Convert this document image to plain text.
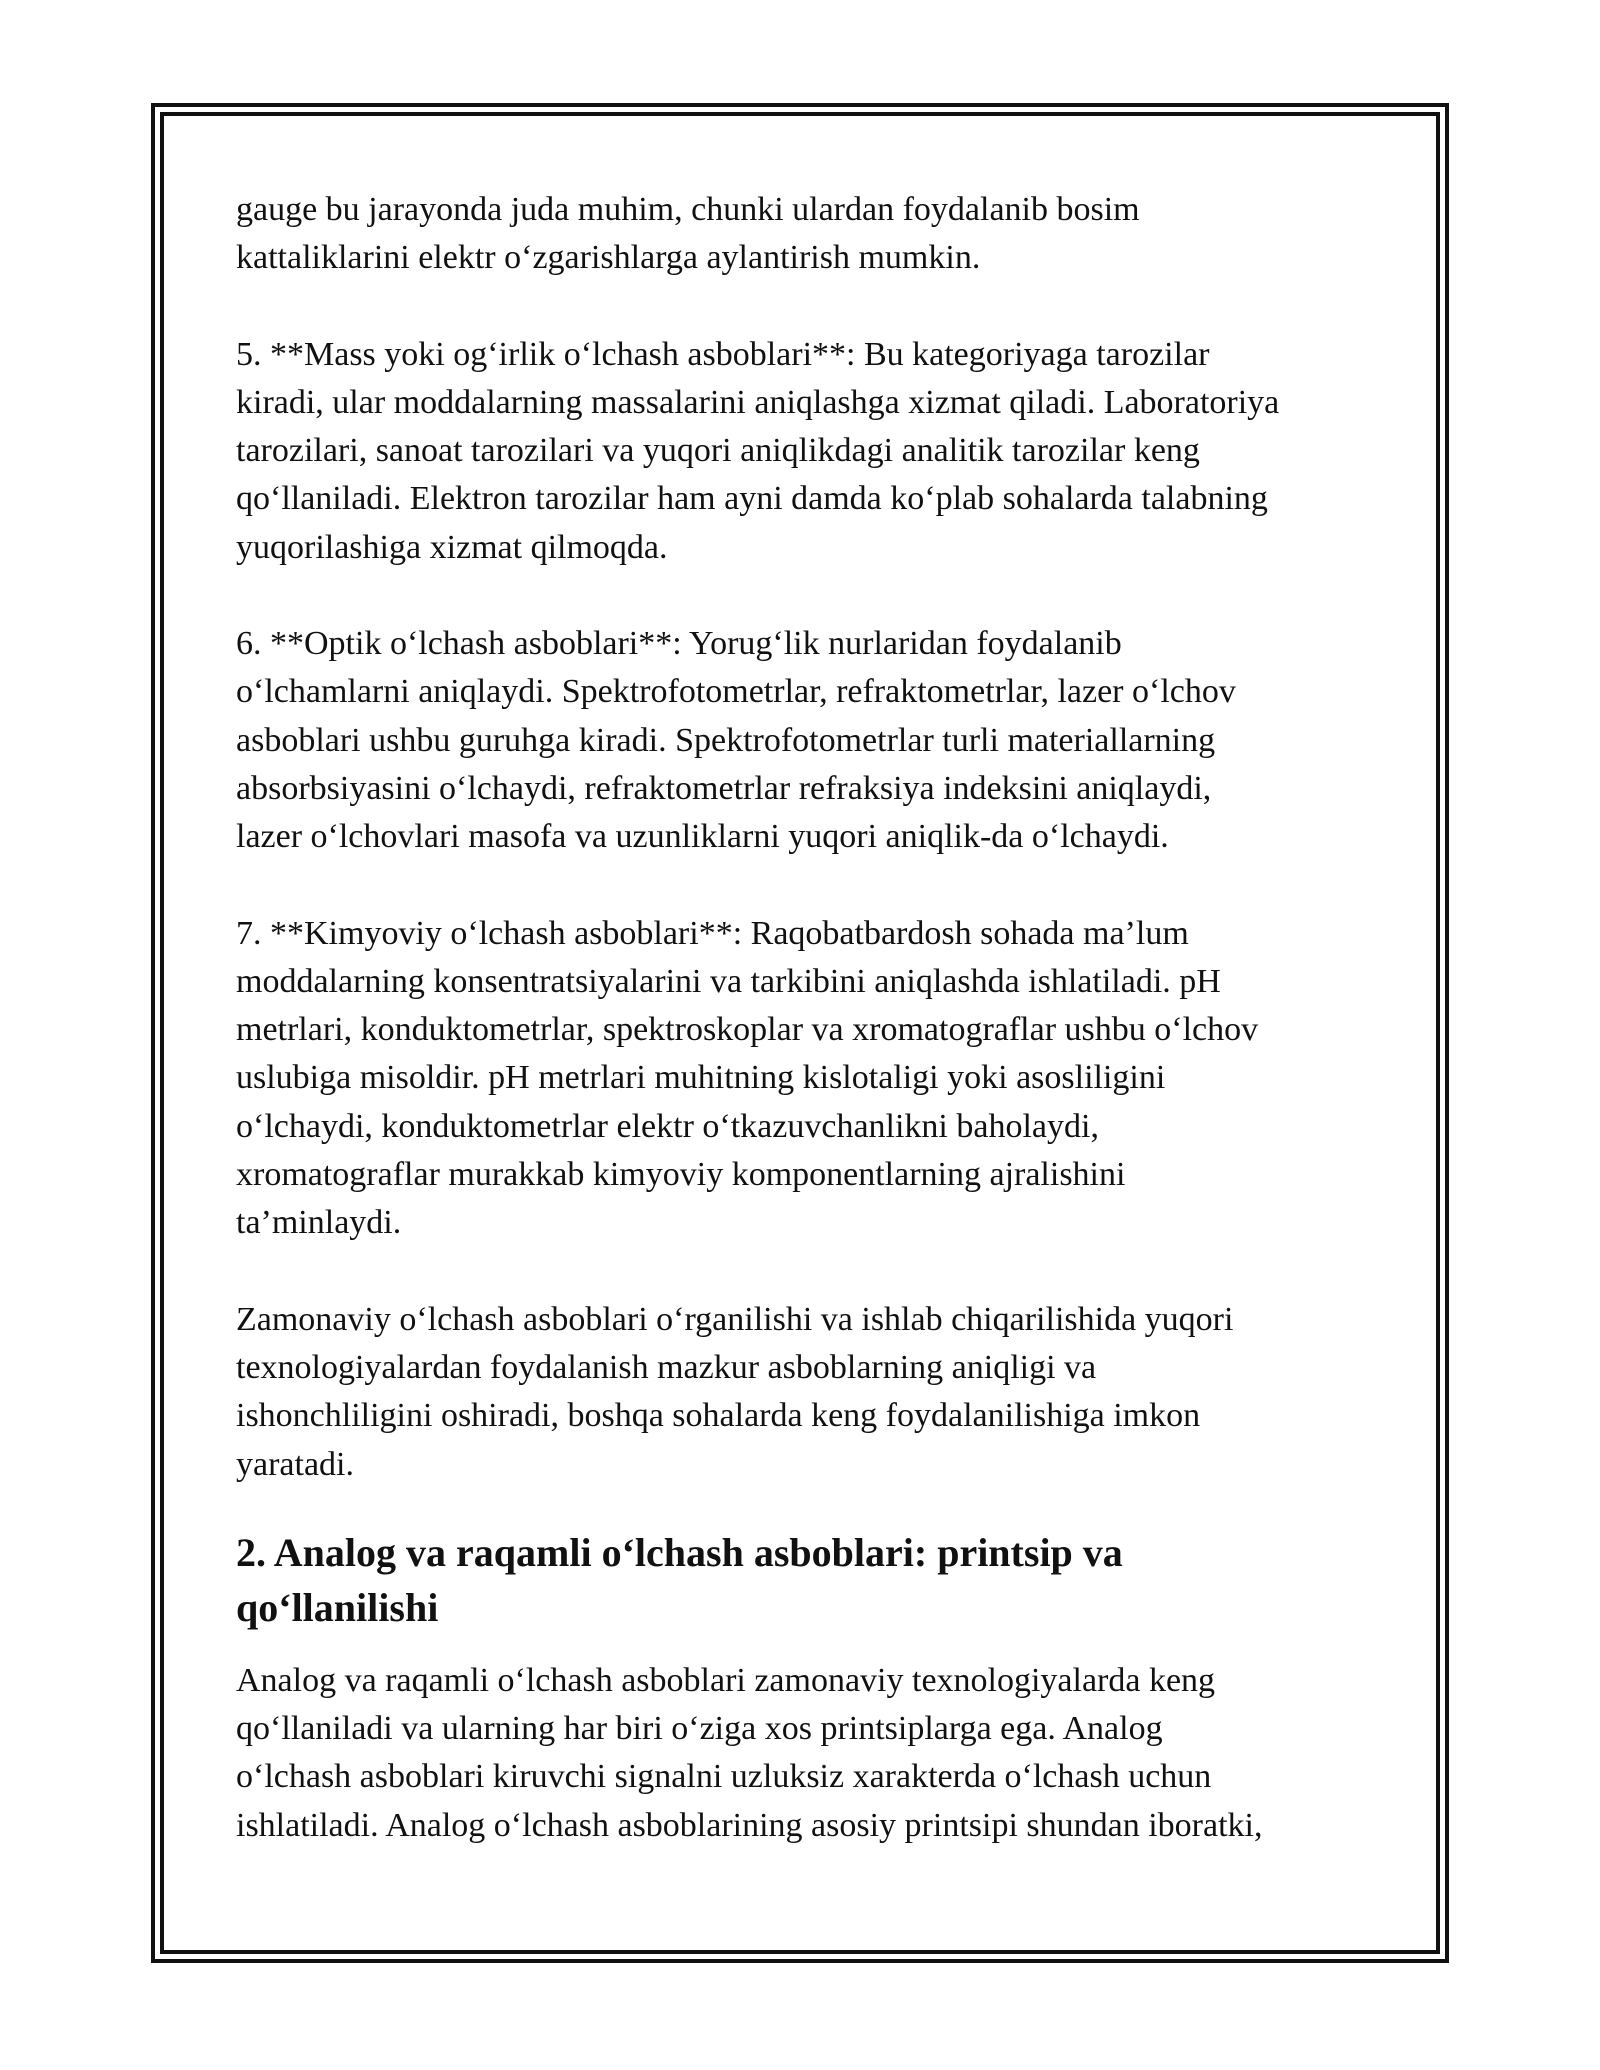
gauge bu jarayonda juda muhim, chunki ulardan foydalanib bosim
kattaliklarini elektr o‘zgarishlarga aylantirish mumkin.

5. **Mass yoki og‘irlik o‘lchash asboblari**: Bu kategoriyaga tarozilar
kiradi, ular moddalarning massalarini aniqlashga xizmat qiladi. Laboratoriya
tarozilari, sanoat tarozilari va yuqori aniqlikdagi analitik tarozilar keng
qo‘llaniladi. Elektron tarozilar ham ayni damda ko‘plab sohalarda talabning
yuqorilashiga xizmat qilmoqda.

6. **Optik o‘lchash asboblari**: Yorug‘lik nurlaridan foydalanib
o‘lchamlarni aniqlaydi. Spektrofotometrlar, refraktometrlar, lazer o‘lchov
asboblari ushbu guruhga kiradi. Spektrofotometrlar turli materiallarning
absorbsiyasini o‘lchaydi, refraktometrlar refraksiya indeksini aniqlaydi,
lazer o‘lchovlari masofa va uzunliklarni yuqori aniqlik-da o‘lchaydi.

7. **Kimyoviy o‘lchash asboblari**: Raqobatbardosh sohada ma’lum
moddalarning konsentratsiyalarini va tarkibini aniqlashda ishlatiladi. pH
metrlari, konduktometrlar, spektroskoplar va xromatograflar ushbu o‘lchov
uslubiga misoldir. pH metrlari muhitning kislotaligi yoki asosliligini
o‘lchaydi, konduktometrlar elektr o‘tkazuvchanlikni baholaydi,
xromatograflar murakkab kimyoviy komponentlarning ajralishini
ta’minlaydi.

Zamonaviy o‘lchash asboblari o‘rganilishi va ishlab chiqarilishida yuqori
texnologiyalardan foydalanish mazkur asboblarning aniqligi va
ishonchliligini oshiradi, boshqa sohalarda keng foydalanilishiga imkon
yaratadi.

2. Analog va raqamli o‘lchash asboblari: printsip va
qo‘llanilishi

Analog va raqamli o‘lchash asboblari zamonaviy texnologiyalarda keng
qo‘llaniladi va ularning har biri o‘ziga xos printsiplarga ega. Analog
o‘lchash asboblari kiruvchi signalni uzluksiz xarakterda o‘lchash uchun
ishlatiladi. Analog o‘lchash asboblarining asosiy printsipi shundan iboratki,
